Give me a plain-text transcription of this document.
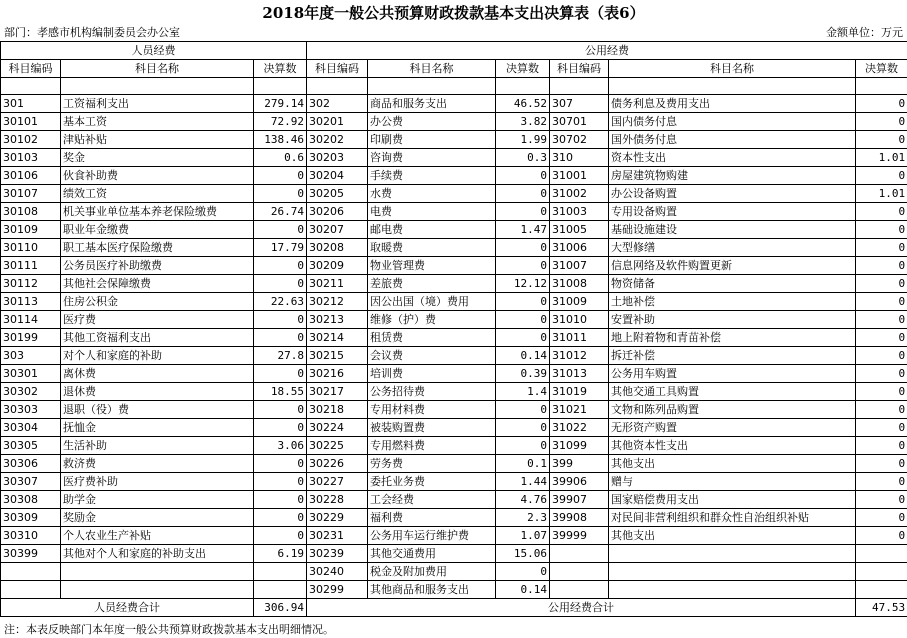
2018年度一般公共预算财政拨款基本支出决算表（表6）
部门：孝感市机构编制委员会办公室	金额单位：万元
人员经费			公用经费					
科目编码	科目名称	决算数	科目编码	科目名称	决算数	科目编码	科目名称	决算数

301	工资福利支出	279.14	302	商品和服务支出	46.52	307	债务利息及费用支出	0
30101	基本工资	72.92	30201	办公费	3.82	30701	国内债务付息	0
30102	津贴补贴	138.46	30202	印刷费	1.99	30702	国外债务付息	0
30103	奖金	0.6	30203	咨询费	0.3	310	资本性支出	1.01
30106	伙食补助费	0	30204	手续费	0	31001	房屋建筑物购建	0
30107	绩效工资	0	30205	水费	0	31002	办公设备购置	1.01
30108	机关事业单位基本养老保险缴费	26.74	30206	电费	0	31003	专用设备购置	0
30109	职业年金缴费	0	30207	邮电费	1.47	31005	基础设施建设	0
30110	职工基本医疗保险缴费	17.79	30208	取暖费	0	31006	大型修缮	0
30111	公务员医疗补助缴费	0	30209	物业管理费	0	31007	信息网络及软件购置更新	0
30112	其他社会保障缴费	0	30211	差旅费	12.12	31008	物资储备	0
30113	住房公积金	22.63	30212	因公出国（境）费用	0	31009	土地补偿	0
30114	医疗费	0	30213	维修（护）费	0	31010	安置补助	0
30199	其他工资福利支出	0	30214	租赁费	0	31011	地上附着物和青苗补偿	0
303	对个人和家庭的补助	27.8	30215	会议费	0.14	31012	拆迁补偿	0
30301	离休费	0	30216	培训费	0.39	31013	公务用车购置	0
30302	退休费	18.55	30217	公务招待费	1.4	31019	其他交通工具购置	0
30303	退职（役）费	0	30218	专用材料费	0	31021	文物和陈列品购置	0
30304	抚恤金	0	30224	被装购置费	0	31022	无形资产购置	0
30305	生活补助	3.06	30225	专用燃料费	0	31099	其他资本性支出	0
30306	救济费	0	30226	劳务费	0.1	399	其他支出	0
30307	医疗费补助	0	30227	委托业务费	1.44	39906	赠与	0
30308	助学金	0	30228	工会经费	4.76	39907	国家赔偿费用支出	0
30309	奖励金	0	30229	福利费	2.3	39908	对民间非营利组织和群众性自治组织补贴	0
30310	个人农业生产补贴	0	30231	公务用车运行维护费	1.07	39999	其他支出	0
30399	其他对个人和家庭的补助支出	6.19	30239	其他交通费用	15.06			
			30240	税金及附加费用	0			
			30299	其他商品和服务支出	0.14			
人员经费合计		306.94	公用经费合计					47.53
注：本表反映部门本年度一般公共预算财政拨款基本支出明细情况。
